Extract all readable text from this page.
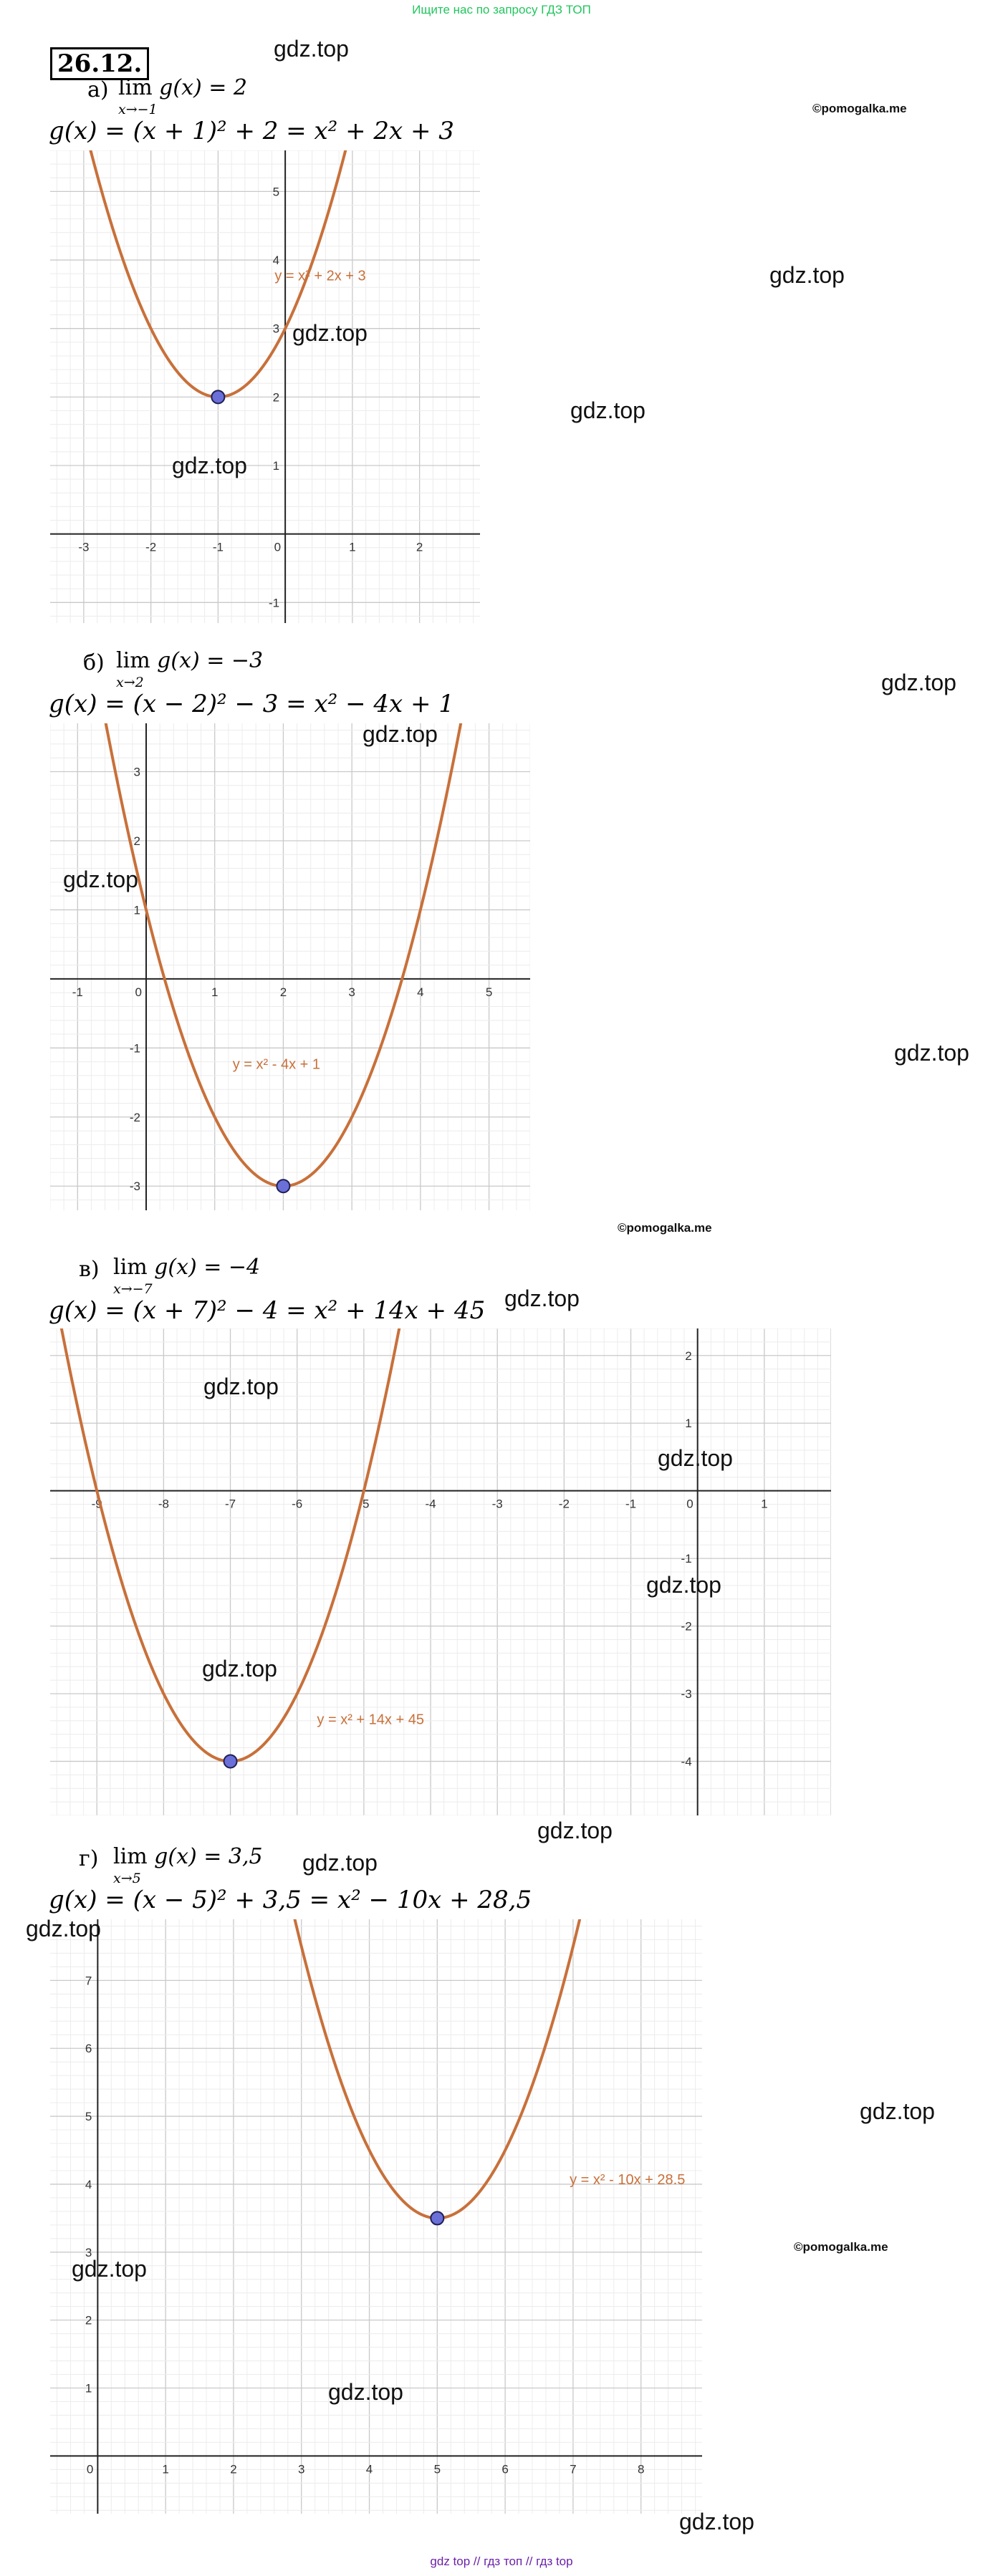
Ищите нас по запросу ГДЗ ТОП
26.12.
а) lim g(x) = 2
x→−1
g(x) = (x + 1)² + 2 = x² + 2x + 3
0
-3	-2	-1	1	2
-1
1
2
3
4
5
y = x² + 2x + 3
б) lim g(x) = −3
x→2
g(x) = (x − 2)² − 3 = x² − 4x + 1
0
-1	1	2	3	4	5
-3
-2
-1
1
2
3
y = x² - 4x + 1
в) lim g(x) = −4
x→−7
g(x) = (x + 7)² − 4 = x² + 14x + 45
0
-9	-8	-7	-6	-5	-4	-3	-2	-1	1
-4
-3
-2
-1
1
2
y = x² + 14x + 45
г) lim g(x) = 3,5
x→5
g(x) = (x − 5)² + 3,5 = x² − 10x + 28,5
0	1	2	3	4	5	6	7	8
1
2
3
4
5
6
7
y = x² - 10x + 28.5
gdz.top
gdz.top
gdz.top
gdz.top
gdz.top
gdz.top
gdz.top
gdz.top
gdz.top
gdz.top
gdz.top
gdz.top
gdz.top
gdz.top
gdz.top
gdz.top
gdz.top
gdz.top
gdz.top
gdz.top
gdz.top
©pomogalka.me
©pomogalka.me
©pomogalka.me
gdz top // гдз топ // гдз top
